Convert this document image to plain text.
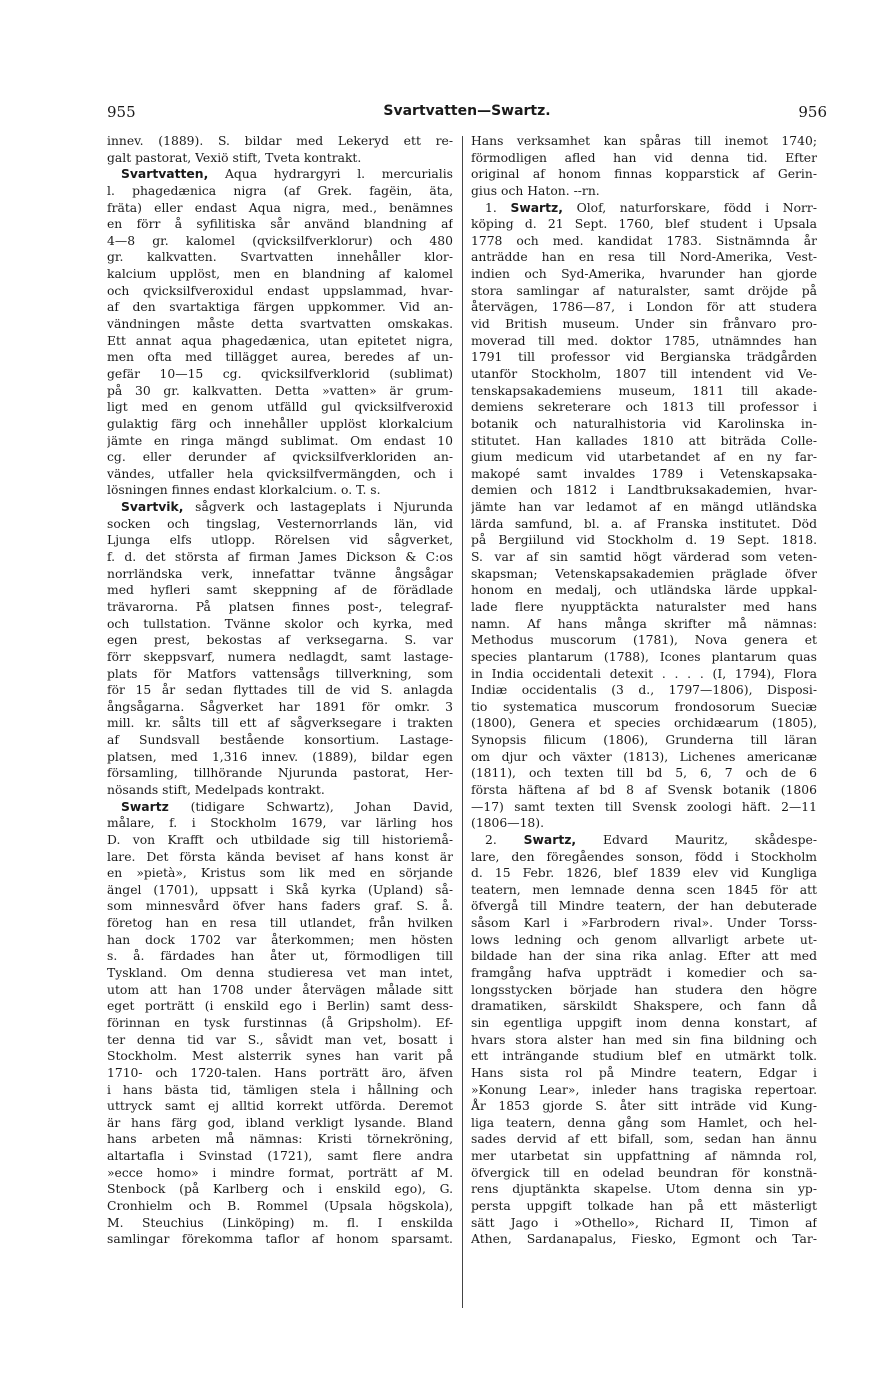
955	Svartvatten—Swartz.	956
innev. (1889). S. bildar med Lekeryd ett re-
galt pastorat, Vexiö stift, Tveta kontrakt.
Svartvatten, Aqua hydrargyri l. mercurialis
l. phagedænica nigra (af Grek. fagëin, äta,
fräta) eller endast Aqua nigra, med., benämnes
en förr å syfilitiska sår använd blandning af
4—8 gr. kalomel (qvicksilfverklorur) och 480
gr. kalkvatten. Svartvatten innehåller klor-
kalcium upplöst, men en blandning af kalomel
och qvicksilfveroxidul endast uppslammad, hvar-
af den svartaktiga färgen uppkommer. Vid an-
vändningen måste detta svartvatten omskakas.
Ett annat aqua phagedænica, utan epitetet nigra,
men ofta med tillägget aurea, beredes af un-
gefär 10—15 cg. qvicksilfverklorid (sublimat)
på 30 gr. kalkvatten. Detta »vatten» är grum-
ligt med en genom utfälld gul qvicksilfveroxid
gulaktig färg och innehåller upplöst klorkalcium
jämte en ringa mängd sublimat. Om endast 10
cg. eller derunder af qvicksilfverkloriden an-
vändes, utfaller hela qvicksilfvermängden, och i
lösningen finnes endast klorkalcium. o. T. s.
Svartvik, sågverk och lastageplats i Njurunda
socken och tingslag, Vesternorrlands län, vid
Ljunga elfs utlopp. Rörelsen vid sågverket,
f. d. det största af firman James Dickson & C:os
norrländska verk, innefattar tvänne ångsågar
med hyfleri samt skeppning af de förädlade
trävarorna. På platsen finnes post-, telegraf-
och tullstation. Tvänne skolor och kyrka, med
egen prest, bekostas af verksegarna. S. var
förr skeppsvarf, numera nedlagdt, samt lastage-
plats för Matfors vattensågs tillverkning, som
för 15 år sedan flyttades till de vid S. anlagda
ångsågarna. Sågverket har 1891 för omkr. 3
mill. kr. sålts till ett af sågverksegare i trakten
af Sundsvall bestående konsortium. Lastage-
platsen, med 1,316 innev. (1889), bildar egen
församling, tillhörande Njurunda pastorat, Her-
nösands stift, Medelpads kontrakt.
Swartz (tidigare Schwartz), Johan David,
målare, f. i Stockholm 1679, var lärling hos
D. von Krafft och utbildade sig till historiemå-
lare. Det första kända beviset af hans konst är
en »pietà», Kristus som lik med en sörjande
ängel (1701), uppsatt i Skå kyrka (Upland) så-
som minnesvård öfver hans faders graf. S. å.
företog han en resa till utlandet, från hvilken
han dock 1702 var återkommen; men hösten
s. å. färdades han åter ut, förmodligen till
Tyskland. Om denna studieresa vet man intet,
utom att han 1708 under återvägen målade sitt
eget porträtt (i enskild ego i Berlin) samt dess-
förinnan en tysk furstinnas (å Gripsholm). Ef-
ter denna tid var S., såvidt man vet, bosatt i
Stockholm. Mest alsterrik synes han varit på
1710- och 1720-talen. Hans porträtt äro, äfven
i hans bästa tid, tämligen stela i hållning och
uttryck samt ej alltid korrekt utförda. Deremot
är hans färg god, ibland verkligt lysande. Bland
hans arbeten må nämnas: Kristi törnekröning,
altartafla i Svinstad (1721), samt flere andra
»ecce homo» i mindre format, porträtt af M.
Stenbock (på Karlberg och i enskild ego), G.
Cronhielm och B. Rommel (Upsala högskola),
M. Steuchius (Linköping) m. fl. I enskilda
samlingar förekomma taflor af honom sparsamt.
Hans verksamhet kan spåras till inemot 1740;
förmodligen afled han vid denna tid. Efter
original af honom finnas kopparstick af Gerin-
gius och Haton. --rn.
1. Swartz, Olof, naturforskare, född i Norr-
köping d. 21 Sept. 1760, blef student i Upsala
1778 och med. kandidat 1783. Sistnämnda år
anträdde han en resa till Nord-Amerika, Vest-
indien och Syd-Amerika, hvarunder han gjorde
stora samlingar af naturalster, samt dröjde på
återvägen, 1786—87, i London för att studera
vid British museum. Under sin frånvaro pro-
moverad till med. doktor 1785, utnämndes han
1791 till professor vid Bergianska trädgården
utanför Stockholm, 1807 till intendent vid Ve-
tenskapsakademiens museum, 1811 till akade-
demiens sekreterare och 1813 till professor i
botanik och naturalhistoria vid Karolinska in-
stitutet. Han kallades 1810 att biträda Colle-
gium medicum vid utarbetandet af en ny far-
makopé samt invaldes 1789 i Vetenskapsaka-
demien och 1812 i Landtbruksakademien, hvar-
jämte han var ledamot af en mängd utländska
lärda samfund, bl. a. af Franska institutet. Död
på Bergiilund vid Stockholm d. 19 Sept. 1818.
S. var af sin samtid högt värderad som veten-
skapsman; Vetenskapsakademien präglade öfver
honom en medalj, och utländska lärde uppkal-
lade flere nyupptäckta naturalster med hans
namn. Af hans många skrifter må nämnas:
Methodus muscorum (1781), Nova genera et
species plantarum (1788), Icones plantarum quas
in India occidentali detexit . . . . (I, 1794), Flora
Indiæ occidentalis (3 d., 1797—1806), Disposi-
tio systematica muscorum frondosorum Sueciæ
(1800), Genera et species orchidæarum (1805),
Synopsis filicum (1806), Grunderna till läran
om djur och växter (1813), Lichenes americanæ
(1811), och texten till bd 5, 6, 7 och de 6
första häftena af bd 8 af Svensk botanik (1806
—17) samt texten till Svensk zoologi häft. 2—11
(1806—18).
2. Swartz, Edvard Mauritz, skådespe-
lare, den föregåendes sonson, född i Stockholm
d. 15 Febr. 1826, blef 1839 elev vid Kungliga
teatern, men lemnade denna scen 1845 för att
öfvergå till Mindre teatern, der han debuterade
såsom Karl i »Farbrodern rival». Under Torss-
lows ledning och genom allvarligt arbete ut-
bildade han der sina rika anlag. Efter att med
framgång hafva uppträdt i komedier och sa-
longsstycken började han studera den högre
dramatiken, särskildt Shakspere, och fann då
sin egentliga uppgift inom denna konstart, af
hvars stora alster han med sin fina bildning och
ett inträngande studium blef en utmärkt tolk.
Hans sista rol på Mindre teatern, Edgar i
»Konung Lear», inleder hans tragiska repertoar.
År 1853 gjorde S. åter sitt inträde vid Kung-
liga teatern, denna gång som Hamlet, och hel-
sades dervid af ett bifall, som, sedan han ännu
mer utarbetat sin uppfattning af nämnda rol,
öfvergick till en odelad beundran för konstnä-
rens djuptänkta skapelse. Utom denna sin yp-
persta uppgift tolkade han på ett mästerligt
sätt Jago i »Othello», Richard II, Timon af
Athen, Sardanapalus, Fiesko, Egmont och Tar-
